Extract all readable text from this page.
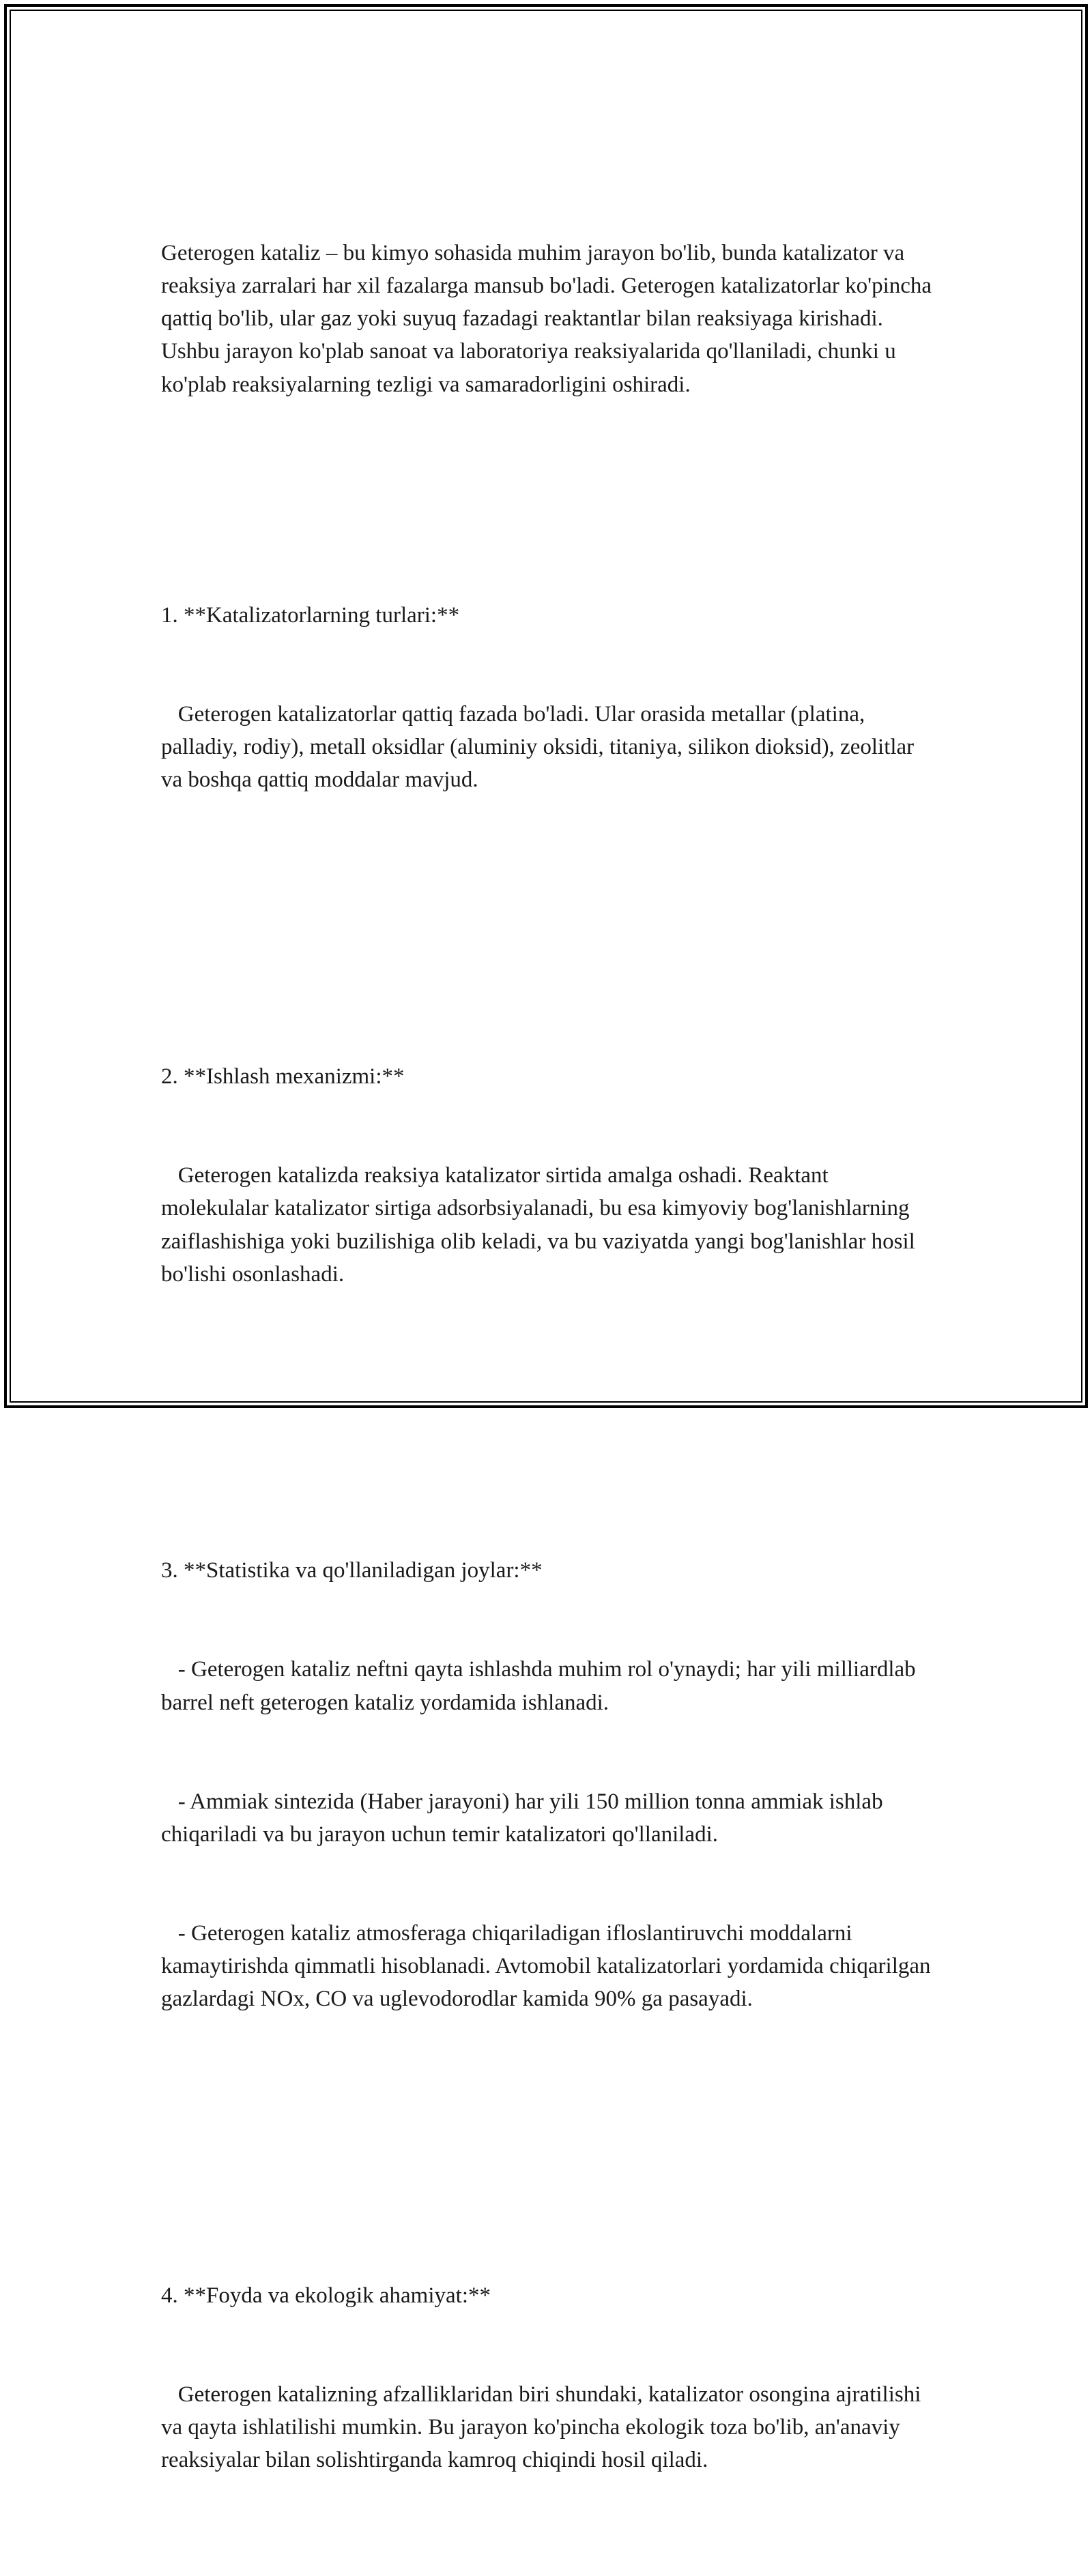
Geterogen kataliz – bu kimyo sohasida muhim jarayon bo'lib, bunda katalizator va reaksiya zarralari har xil fazalarga mansub bo'ladi. Geterogen katalizatorlar ko'pincha qattiq bo'lib, ular gaz yoki suyuq fazadagi reaktantlar bilan reaksiyaga kirishadi. Ushbu jarayon ko'plab sanoat va laboratoriya reaksiyalarida qo'llaniladi, chunki u ko'plab reaksiyalarning tezligi va samaradorligini oshiradi.

1. **Katalizatorlarning turlari:**

Geterogen katalizatorlar qattiq fazada bo'ladi. Ular orasida metallar (platina, palladiy, rodiy), metall oksidlar (aluminiy oksidi, titaniya, silikon dioksid), zeolitlar va boshqa qattiq moddalar mavjud.

2. **Ishlash mexanizmi:**

Geterogen katalizda reaksiya katalizator sirtida amalga oshadi. Reaktant molekulalar katalizator sirtiga adsorbsiyalanadi, bu esa kimyoviy bog'lanishlarning zaiflashishiga yoki buzilishiga olib keladi, va bu vaziyatda yangi bog'lanishlar hosil bo'lishi osonlashadi.

3. **Statistika va qo'llaniladigan joylar:**

- Geterogen kataliz neftni qayta ishlashda muhim rol o'ynaydi; har yili milliardlab barrel neft geterogen kataliz yordamida ishlanadi.

- Ammiak sintezida (Haber jarayoni) har yili 150 million tonna ammiak ishlab chiqariladi va bu jarayon uchun temir katalizatori qo'llaniladi.

- Geterogen kataliz atmosferaga chiqariladigan ifloslantiruvchi moddalarni kamaytirishda qimmatli hisoblanadi. Avtomobil katalizatorlari yordamida chiqarilgan gazlardagi NOx, CO va uglevodorodlar kamida 90% ga pasayadi.

4. **Foyda va ekologik ahamiyat:**

Geterogen katalizning afzalliklaridan biri shundaki, katalizator osongina ajratilishi va qayta ishlatilishi mumkin. Bu jarayon ko'pincha ekologik toza bo'lib, an'anaviy reaksiyalar bilan solishtirganda kamroq chiqindi hosil qiladi.
